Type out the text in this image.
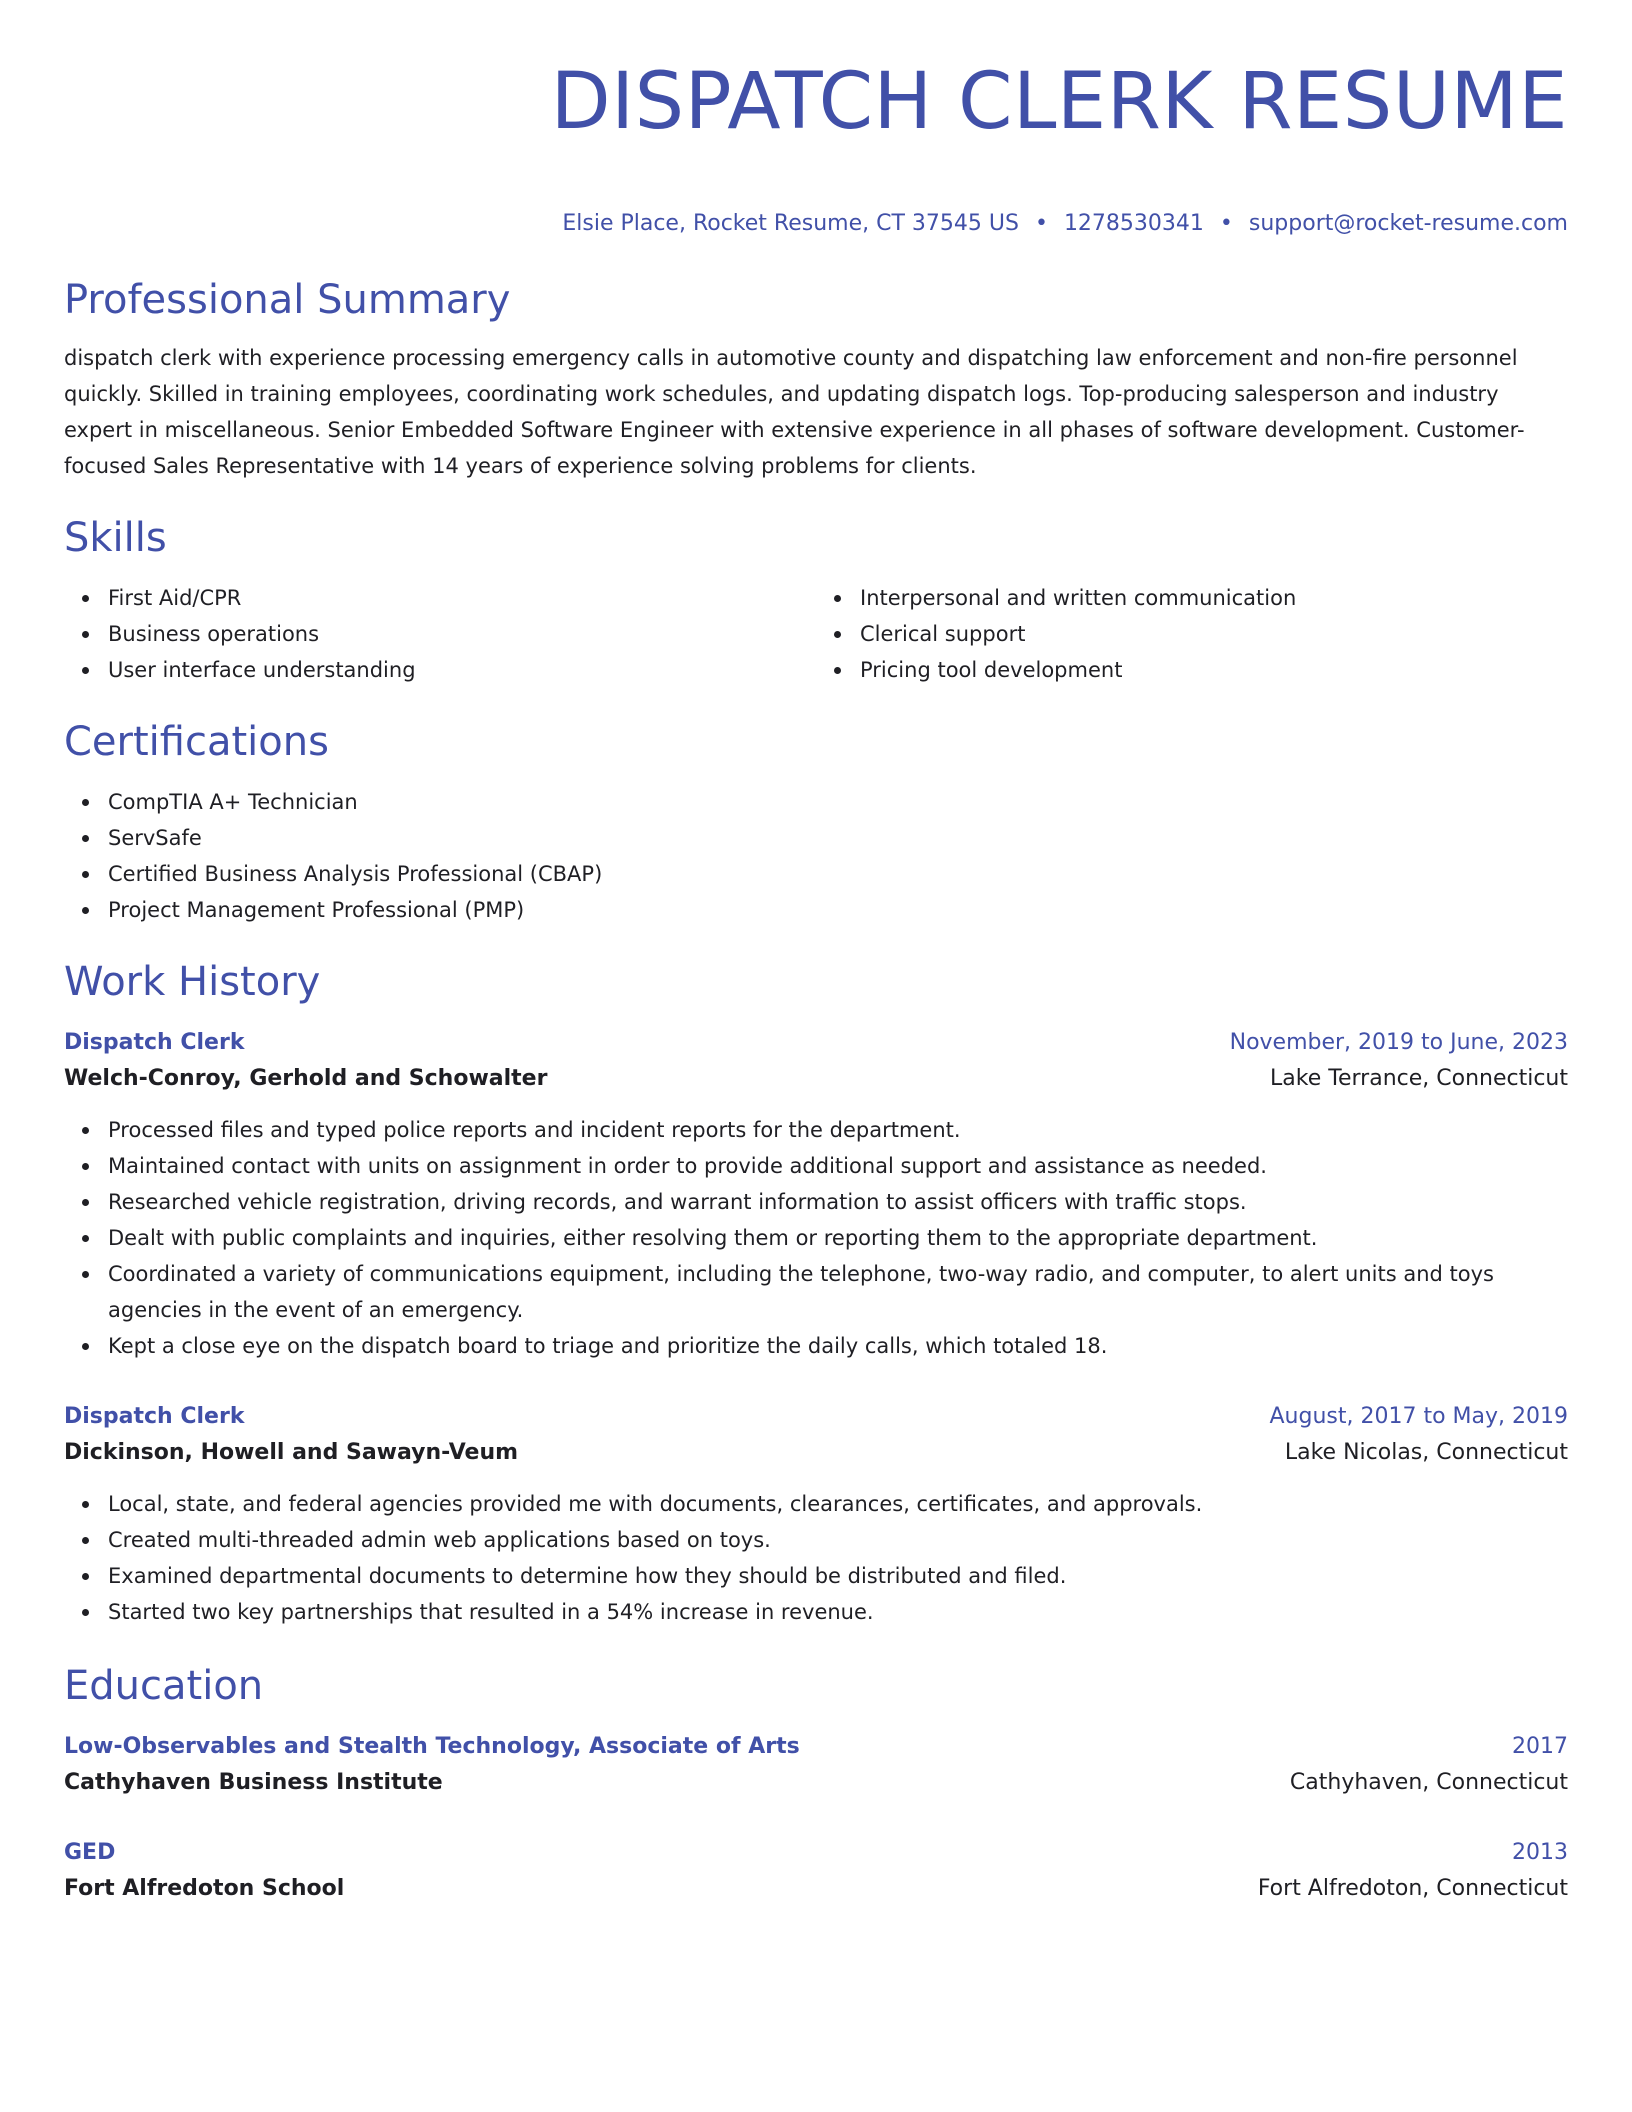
DISPATCH CLERK RESUME
Elsie Place, Rocket Resume, CT 37545 US • 1278530341 • support@rocket-resume.com
Professional Summary

dispatch clerk with experience processing emergency calls in automotive county and dispatching law enforcement and non-fire personnel quickly. Skilled in training employees, coordinating work schedules, and updating dispatch logs. Top-producing salesperson and industry expert in miscellaneous. Senior Embedded Software Engineer with extensive experience in all phases of software development. Customer-focused Sales Representative with 14 years of experience solving problems for clients.

Skills
First Aid/CPR
Business operations
User interface understanding
Interpersonal and written communication
Clerical support
Pricing tool development
Certifications
CompTIA A+ Technician
ServSafe
Certified Business Analysis Professional (CBAP)
Project Management Professional (PMP)
Work History
Dispatch Clerk	November, 2019 to June, 2023
Welch-Conroy, Gerhold and Schowalter	Lake Terrance, Connecticut
Processed files and typed police reports and incident reports for the department.
Maintained contact with units on assignment in order to provide additional support and assistance as needed.
Researched vehicle registration, driving records, and warrant information to assist officers with traffic stops.
Dealt with public complaints and inquiries, either resolving them or reporting them to the appropriate department.
Coordinated a variety of communications equipment, including the telephone, two-way radio, and computer, to alert units and toys agencies in the event of an emergency.
Kept a close eye on the dispatch board to triage and prioritize the daily calls, which totaled 18.
Dispatch Clerk	August, 2017 to May, 2019
Dickinson, Howell and Sawayn-Veum	Lake Nicolas, Connecticut
Local, state, and federal agencies provided me with documents, clearances, certificates, and approvals.
Created multi-threaded admin web applications based on toys.
Examined departmental documents to determine how they should be distributed and filed.
Started two key partnerships that resulted in a 54% increase in revenue.
Education
Low-Observables and Stealth Technology, Associate of Arts	2017
Cathyhaven Business Institute	Cathyhaven, Connecticut
GED	2013
Fort Alfredoton School	Fort Alfredoton, Connecticut
